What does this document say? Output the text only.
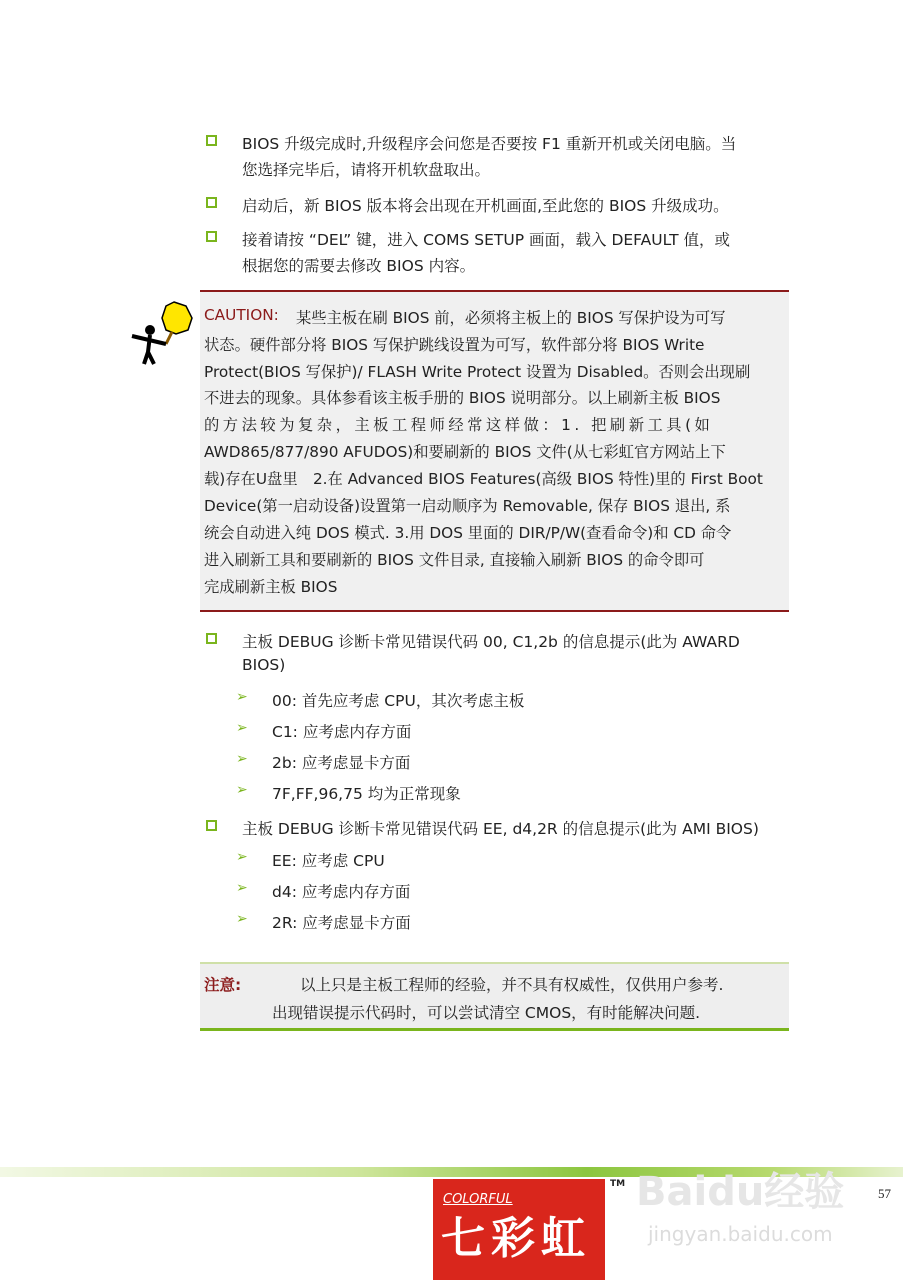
BIOS 升级完成时,升级程序会问您是否要按 F1 重新开机或关闭电脑。当
您选择完毕后，请将开机软盘取出。
启动后，新 BIOS 版本将会出现在开机画面,至此您的 BIOS 升级成功。
接着请按 “DEL” 键，进入 COMS SETUP 画面，载入 DEFAULT 值，或
根据您的需要去修改 BIOS 内容。
CAUTION: 某些主板在刷 BIOS 前，必须将主板上的 BIOS 写保护设为可写
状态。硬件部分将 BIOS 写保护跳线设置为可写，软件部分将 BIOS Write
Protect(BIOS 写保护)/ FLASH Write Protect 设置为 Disabled。否则会出现刷
不进去的现象。具体参看该主板手册的 BIOS 说明部分。以上刷新主板 BIOS
的方法较为复杂，主板工程师经常这样做：1. 把刷新工具(如
AWD865/877/890 AFUDOS)和要刷新的 BIOS 文件(从七彩虹官方网站上下
载)存在U盘里　2.在 Advanced BIOS Features(高级 BIOS 特性)里的 First Boot
Device(第一启动设备)设置第一启动顺序为 Removable, 保存 BIOS 退出, 系
统会自动进入纯 DOS 模式. 3.用 DOS 里面的 DIR/P/W(查看命令)和 CD 命令
进入刷新工具和要刷新的 BIOS 文件目录, 直接输入刷新 BIOS 的命令即可
完成刷新主板 BIOS
主板 DEBUG 诊断卡常见错误代码 00, C1,2b 的信息提示(此为 AWARD
BIOS)
➢ 00: 首先应考虑 CPU，其次考虑主板
➢ C1: 应考虑内存方面
➢ 2b: 应考虑显卡方面
➢ 7F,FF,96,75 均为正常现象
主板 DEBUG 诊断卡常见错误代码 EE, d4,2R 的信息提示(此为 AMI BIOS)
➢ EE: 应考虑 CPU
➢ d4: 应考虑内存方面
➢ 2R: 应考虑显卡方面
注意:	以上只是主板工程师的经验，并不具有权威性，仅供用户参考.
出现错误提示代码时，可以尝试清空 CMOS，有时能解决问题.
COLORFUL
七彩虹
TM Baidu经验	57
jingyan.baidu.com
